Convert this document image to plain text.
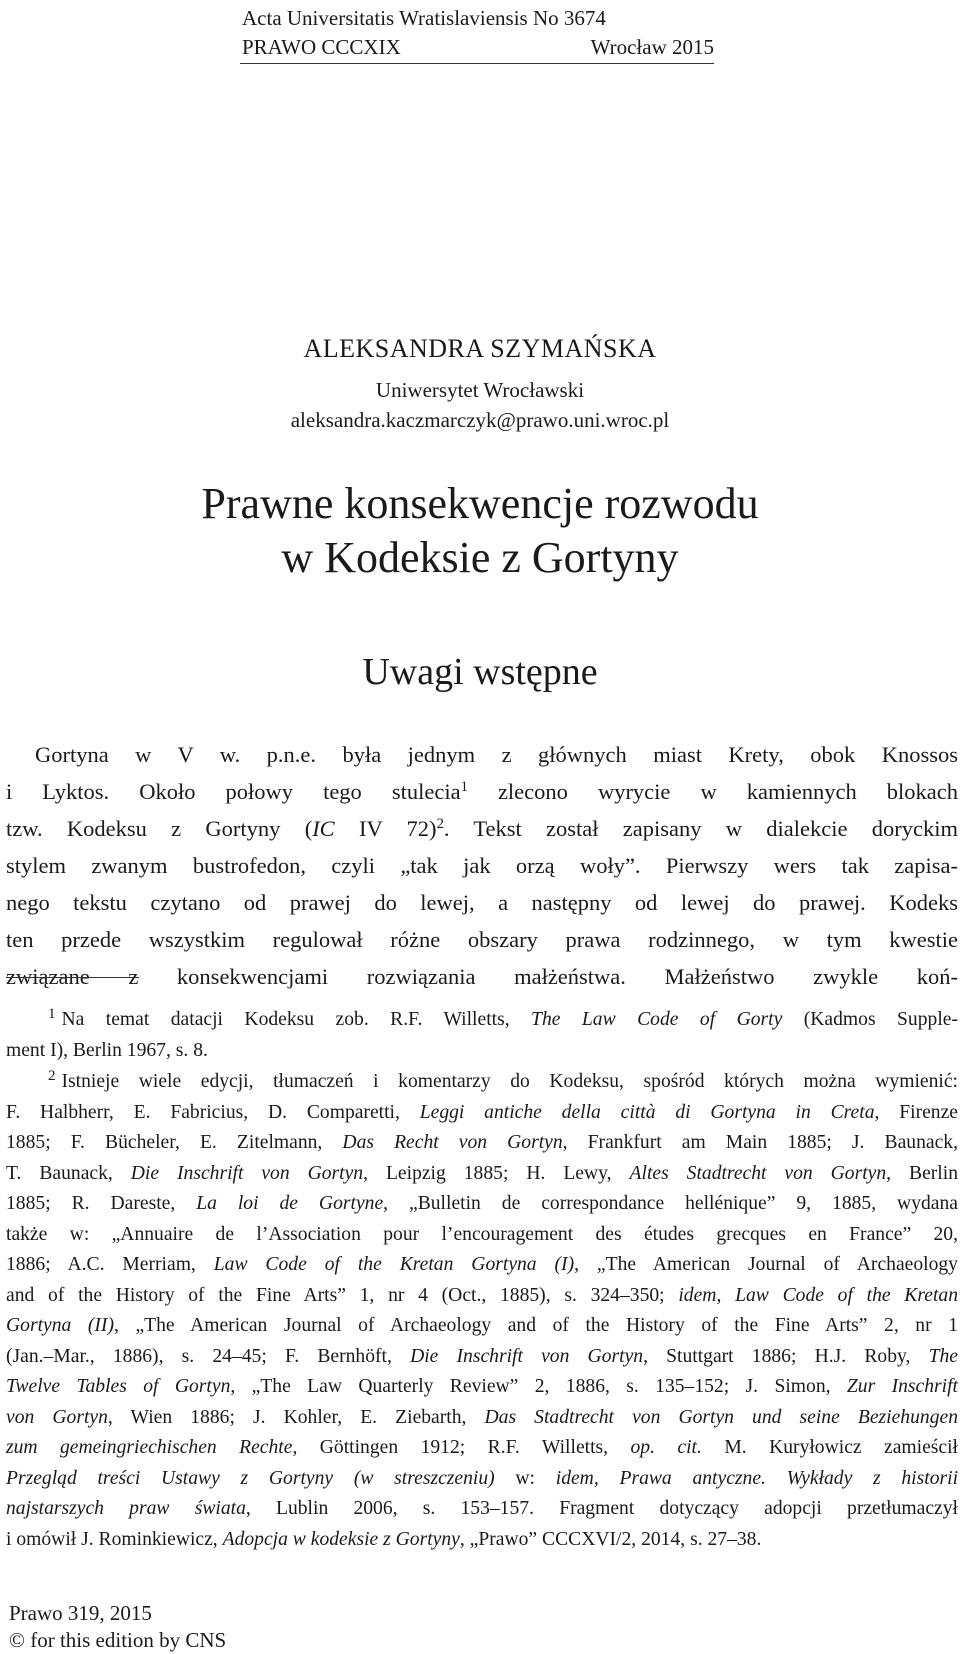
Acta Universitatis Wratislaviensis No 3674
PRAWO CCCXIX	Wrocław 2015
ALEKSANDRA SZYMAŃSKA
Uniwersytet Wrocławski
aleksandra.kaczmarczyk@prawo.uni.wroc.pl
Prawne konsekwencje rozwodu
w Kodeksie z Gortyny
Uwagi wstępne
Gortyna w V w. p.n.e. była jednym z głównych miast Krety, obok Knossos
i Lyktos. Około połowy tego stulecia$^1$ zlecono wyrycie w kamiennych blokach
tzw. Kodeksu z Gortyny (IC IV 72)$^2$. Tekst został zapisany w dialekcie doryckim
stylem zwanym bustrofedon, czyli „tak jak orzą woły”. Pierwszy wers tak zapisa-
nego tekstu czytano od prawej do lewej, a następny od lewej do prawej. Kodeks
ten przede wszystkim regulował różne obszary prawa rodzinnego, w tym kwestie
związane z konsekwencjami rozwiązania małżeństwa. Małżeństwo zwykle koń-
$^1$ Na temat datacji Kodeksu zob. R.F. Willetts, The Law Code of Gorty (Kadmos Supple-
ment I), Berlin 1967, s. 8.
$^2$ Istnieje wiele edycji, tłumaczeń i komentarzy do Kodeksu, spośród których można wymienić:
F. Halbherr, E. Fabricius, D. Comparetti, Leggi antiche della città di Gortyna in Creta, Firenze
1885; F. Bücheler, E. Zitelmann, Das Recht von Gortyn, Frankfurt am Main 1885; J. Baunack,
T. Baunack, Die Inschrift von Gortyn, Leipzig 1885; H. Lewy, Altes Stadtrecht von Gortyn, Berlin
1885; R. Dareste, La loi de Gortyne, „Bulletin de correspondance hellénique” 9, 1885, wydana
także w: „Annuaire de l’Association pour l’encouragement des études grecques en France” 20,
1886; A.C. Merriam, Law Code of the Kretan Gortyna (I), „The American Journal of Archaeology
and of the History of the Fine Arts” 1, nr 4 (Oct., 1885), s. 324–350; idem, Law Code of the Kretan
Gortyna (II), „The American Journal of Archaeology and of the History of the Fine Arts” 2, nr 1
(Jan.–Mar., 1886), s. 24–45; F. Bernhöft, Die Inschrift von Gortyn, Stuttgart 1886; H.J. Roby, The
Twelve Tables of Gortyn, „The Law Quarterly Review” 2, 1886, s. 135–152; J. Simon, Zur Inschrift
von Gortyn, Wien 1886; J. Kohler, E. Ziebarth, Das Stadtrecht von Gortyn und seine Beziehungen
zum gemeingriechischen Rechte, Göttingen 1912; R.F. Willetts, op. cit. M. Kuryłowicz zamieścił
Przegląd treści Ustawy z Gortyny (w streszczeniu) w: idem, Prawa antyczne. Wykłady z historii
najstarszych praw świata, Lublin 2006, s. 153–157. Fragment dotyczący adopcji przetłumaczył
i omówił J. Rominkiewicz, Adopcja w kodeksie z Gortyny, „Prawo” CCCXVI/2, 2014, s. 27–38.
Prawo 319, 2015
© for this edition by CNS
